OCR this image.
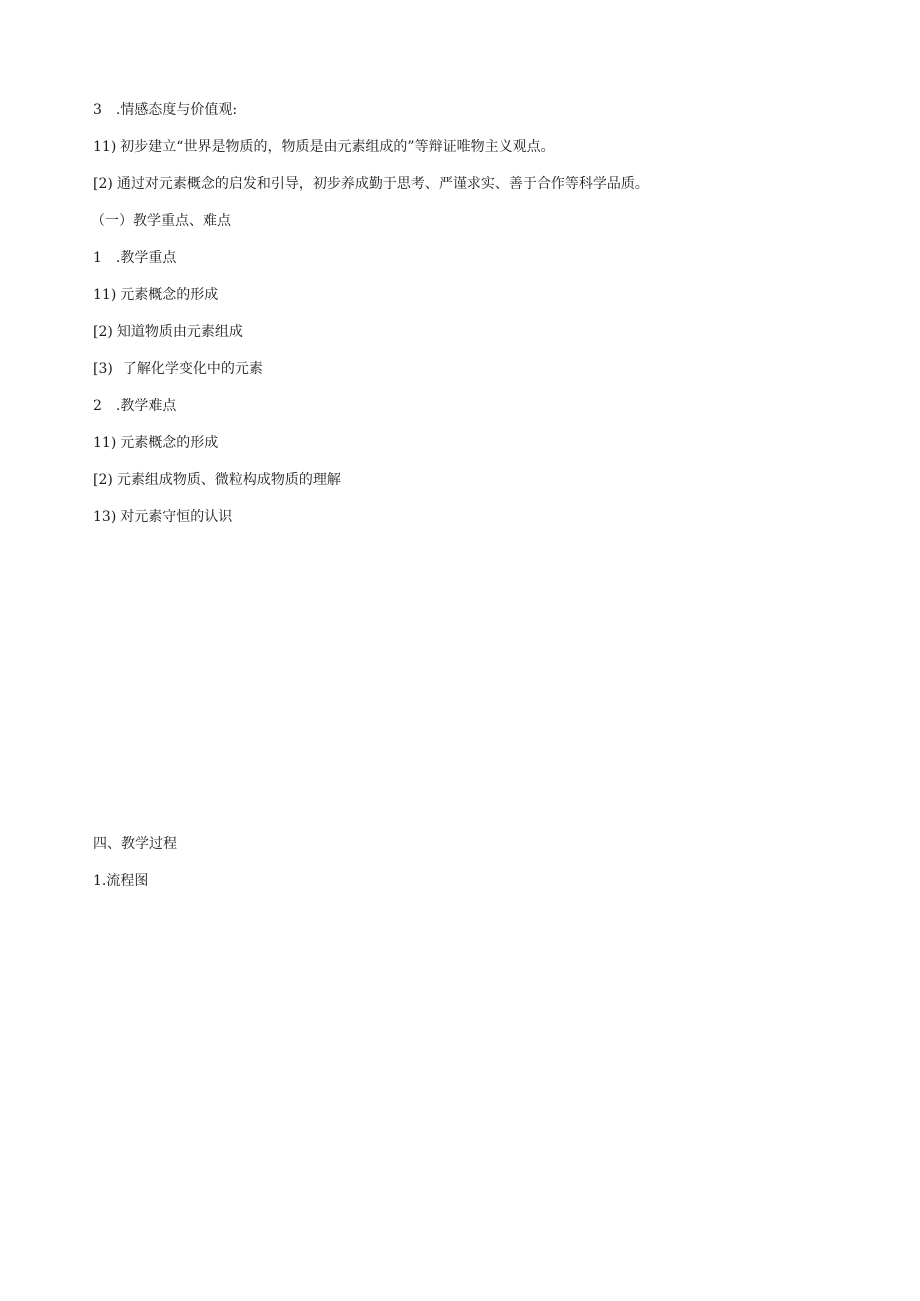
3 .情感态度与价值观:
11) 初步建立“世界是物质的，物质是由元素组成的”等辩证唯物主义观点。
[2) 通过对元素概念的启发和引导，初步养成勤于思考、严谨求实、善于合作等科学品质。
（一）教学重点、难点
1 .教学重点
11) 元素概念的形成
[2) 知道物质由元素组成
[3) 了解化学变化中的元素
2 .教学难点
11) 元素概念的形成
[2) 元素组成物质、微粒构成物质的理解
13) 对元素守恒的认识
四、教学过程
1.流程图
